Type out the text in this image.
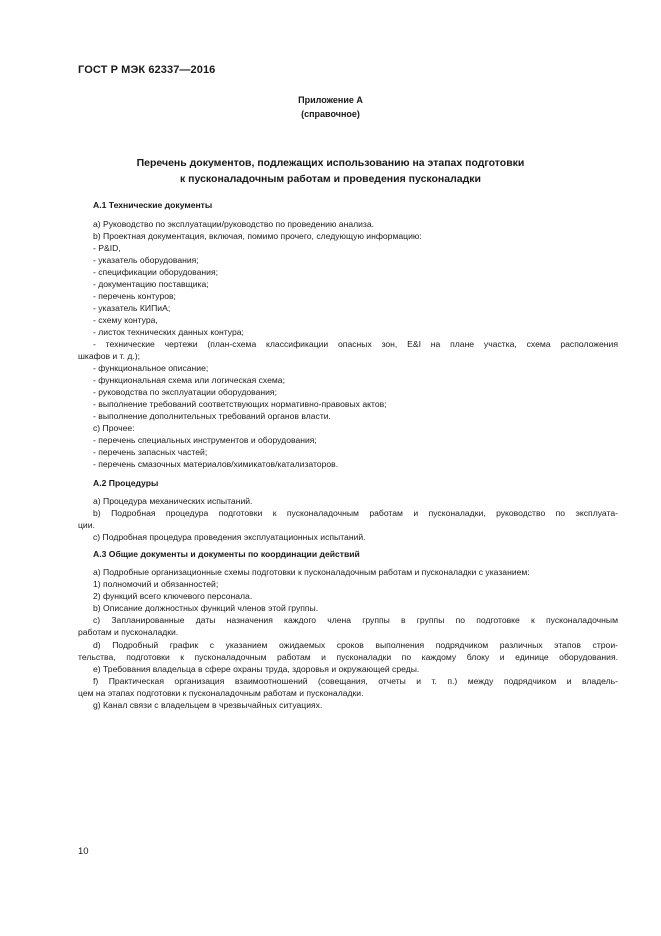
ГОСТ Р МЭК 62337—2016
Приложение А
(справочное)
Перечень документов, подлежащих использованию на этапах подготовки
к пусконаладочным работам и проведения пусконаладки
А.1 Технические документы
a) Руководство по эксплуатации/руководство по проведению анализа.
b) Проектная документация, включая, помимо прочего, следующую информацию:
- P&ID,
- указатель оборудования;
- спецификации оборудования;
- документацию поставщика;
- перечень контуров;
- указатель КИПиА;
- схему контура,
- листок технических данных контура;
- технические чертежи (план-схема классификации опасных зон, E&I на плане участка, схема расположения
шкафов и т. д.);
- функциональное описание;
- функциональная схема или логическая схема;
- руководства по эксплуатации оборудования;
- выполнение требований соответствующих нормативно-правовых актов;
- выполнение дополнительных требований органов власти.
c) Прочее:
- перечень специальных инструментов и оборудования;
- перечень запасных частей;
- перечень смазочных материалов/химикатов/катализаторов.
А.2 Процедуры
a) Процедура механических испытаний.
b) Подробная процедура подготовки к пусконаладочным работам и пусконаладки, руководство по эксплуата-
ции.
c) Подробная процедура проведения эксплуатационных испытаний.
А.3 Общие документы и документы по координации действий
a) Подробные организационные схемы подготовки к пусконаладочным работам и пусконаладки с указанием:
1) полномочий и обязанностей;
2) функций всего ключевого персонала.
b) Описание должностных функций членов этой группы.
c) Запланированные даты назначения каждого члена группы в группы по подготовке к пусконаладочным
работам и пусконаладки.
d) Подробный график с указанием ожидаемых сроков выполнения подрядчиком различных этапов строи-
тельства, подготовки к пусконаладочным работам и пусконаладки по каждому блоку и единице оборудования.
e) Требования владельца в сфере охраны труда, здоровья и окружающей среды.
f) Практическая организация взаимоотношений (совещания, отчеты и т. п.) между подрядчиком и владель-
цем на этапах подготовки к пусконаладочным работам и пусконаладки.
g) Канал связи с владельцем в чрезвычайных ситуациях.
10
